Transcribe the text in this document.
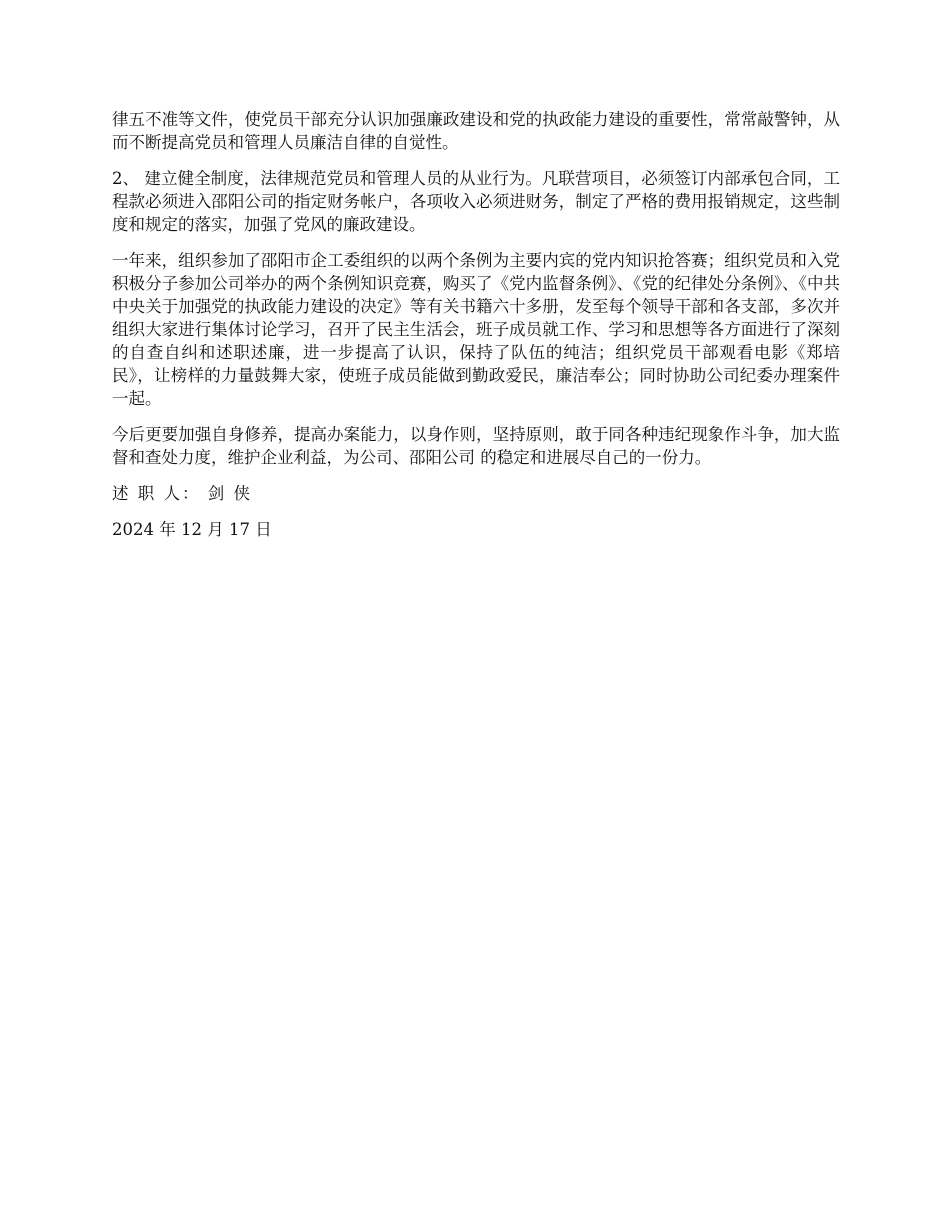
律五不准等文件，使党员干部充分认识加强廉政建设和党的执政能力建设的重要性，常常敲警钟，从而不断提高党员和管理人员廉洁自律的自觉性。

2、 建立健全制度，法律规范党员和管理人员的从业行为。凡联营项目，必须签订内部承包合同，工程款必须进入邵阳公司的指定财务帐户，各项收入必须进财务，制定了严格的费用报销规定，这些制度和规定的落实，加强了党风的廉政建设。

一年来，组织参加了邵阳市企工委组织的以两个条例为主要内宾的党内知识抢答赛；组织党员和入党积极分子参加公司举办的两个条例知识竞赛，购买了《党内监督条例》、《党的纪律处分条例》、《中共中央关于加强党的执政能力建设的决定》等有关书籍六十多册，发至每个领导干部和各支部，多次并组织大家进行集体讨论学习，召开了民主生活会，班子成员就工作、学习和思想等各方面进行了深刻的自查自纠和述职述廉，进一步提高了认识，保持了队伍的纯洁；组织党员干部观看电影《郑培民》，让榜样的力量鼓舞大家，使班子成员能做到勤政爱民，廉洁奉公；同时协助公司纪委办理案件一起。

今后更要加强自身修养，提高办案能力，以身作则，坚持原则，敢于同各种违纪现象作斗争，加大监督和查处力度，维护企业利益，为公司、邵阳公司 的稳定和进展尽自己的一份力。

述 职 人： 剑 侠

2024 年 12 月 17 日
